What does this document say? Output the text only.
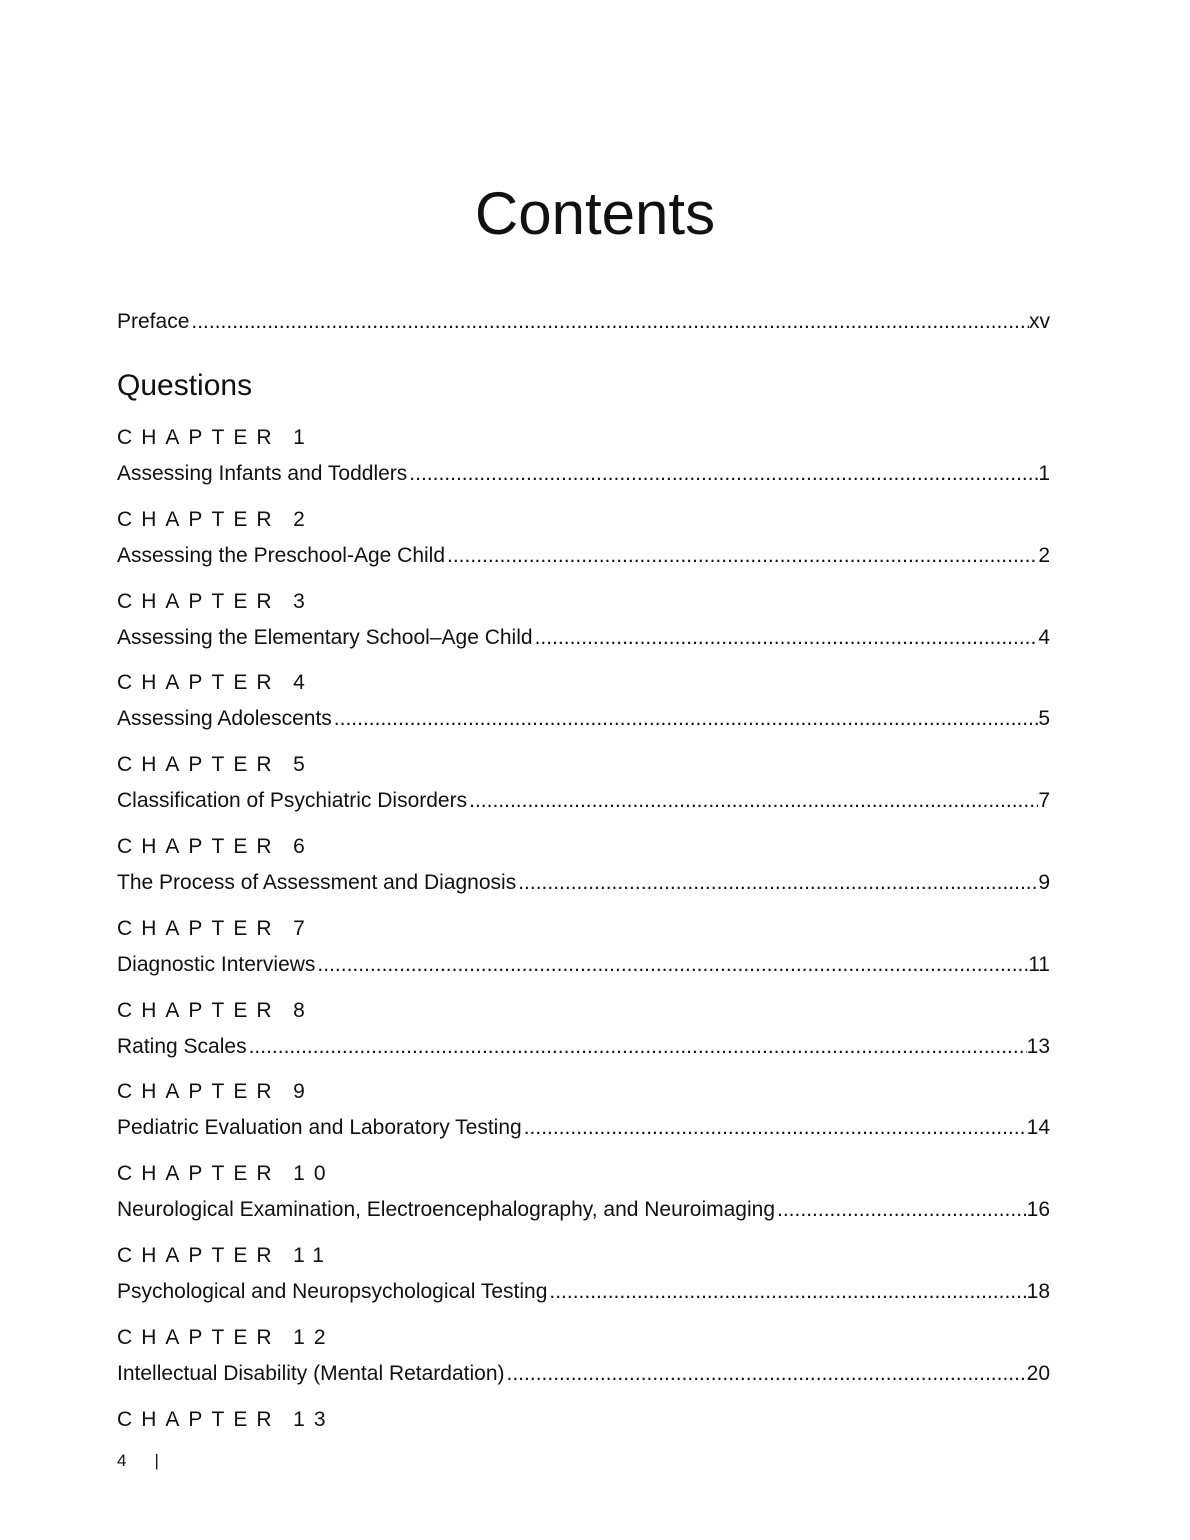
Contents
Preface .....	xv
Questions
CHAPTER 1
Assessing Infants and Toddlers .....	1
CHAPTER 2
Assessing the Preschool-Age Child .....	2
CHAPTER 3
Assessing the Elementary School–Age Child .....	4
CHAPTER 4
Assessing Adolescents .....	5
CHAPTER 5
Classification of Psychiatric Disorders .....	7
CHAPTER 6
The Process of Assessment and Diagnosis .....	9
CHAPTER 7
Diagnostic Interviews .....	11
CHAPTER 8
Rating Scales .....	13
CHAPTER 9
Pediatric Evaluation and Laboratory Testing .....	14
CHAPTER 10
Neurological Examination, Electroencephalography, and Neuroimaging .....	16
CHAPTER 11
Psychological and Neuropsychological Testing .....	18
CHAPTER 12
Intellectual Disability (Mental Retardation) .....	20
CHAPTER 13
4 |
